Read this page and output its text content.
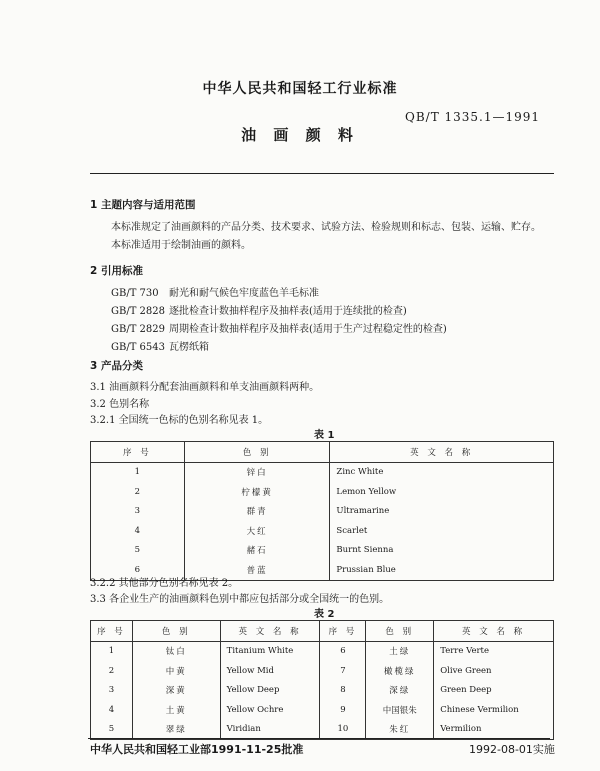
中华人民共和国轻工行业标准
QB/T 1335.1—1991
油 画 颜 料
1 主题内容与适用范围
本标准规定了油画颜料的产品分类、技术要求、试验方法、检验规则和标志、包装、运输、贮存。
本标准适用于绘制油画的颜料。
2 引用标准
GB/T 730 耐光和耐气候色牢度蓝色羊毛标准
GB/T 2828 逐批检查计数抽样程序及抽样表(适用于连续批的检查)
GB/T 2829 周期检查计数抽样程序及抽样表(适用于生产过程稳定性的检查)
GB/T 6543 瓦楞纸箱
3 产品分类
3.1 油画颜料分配套油画颜料和单支油画颜料两种。
3.2 色别名称
3.2.1 全国统一色标的色别名称见表 1。
表 1
序 号	色 别	英 文 名 称
1	锌白	Zinc White
2	柠檬黄	Lemon Yellow
3	群青	Ultramarine
4	大红	Scarlet
5	赭石	Burnt Sienna
6	普蓝	Prussian Blue
3.2.2 其他部分色别名称见表 2。
3.3 各企业生产的油画颜料色别中都应包括部分或全国统一的色别。
表 2
序 号	色 别	英 文 名 称	序 号	色 别	英 文 名 称
1	钛白	Titanium White	6	土绿	Terre Verte
2	中黄	Yellow Mid	7	橄榄绿	Olive Green
3	深黄	Yellow Deep	8	深绿	Green Deep
4	土黄	Yellow Ochre	9	中国银朱	Chinese Vermilion
5	翠绿	Viridian	10	朱红	Vermilion
中华人民共和国轻工业部1991-11-25批准	1992-08-01实施
